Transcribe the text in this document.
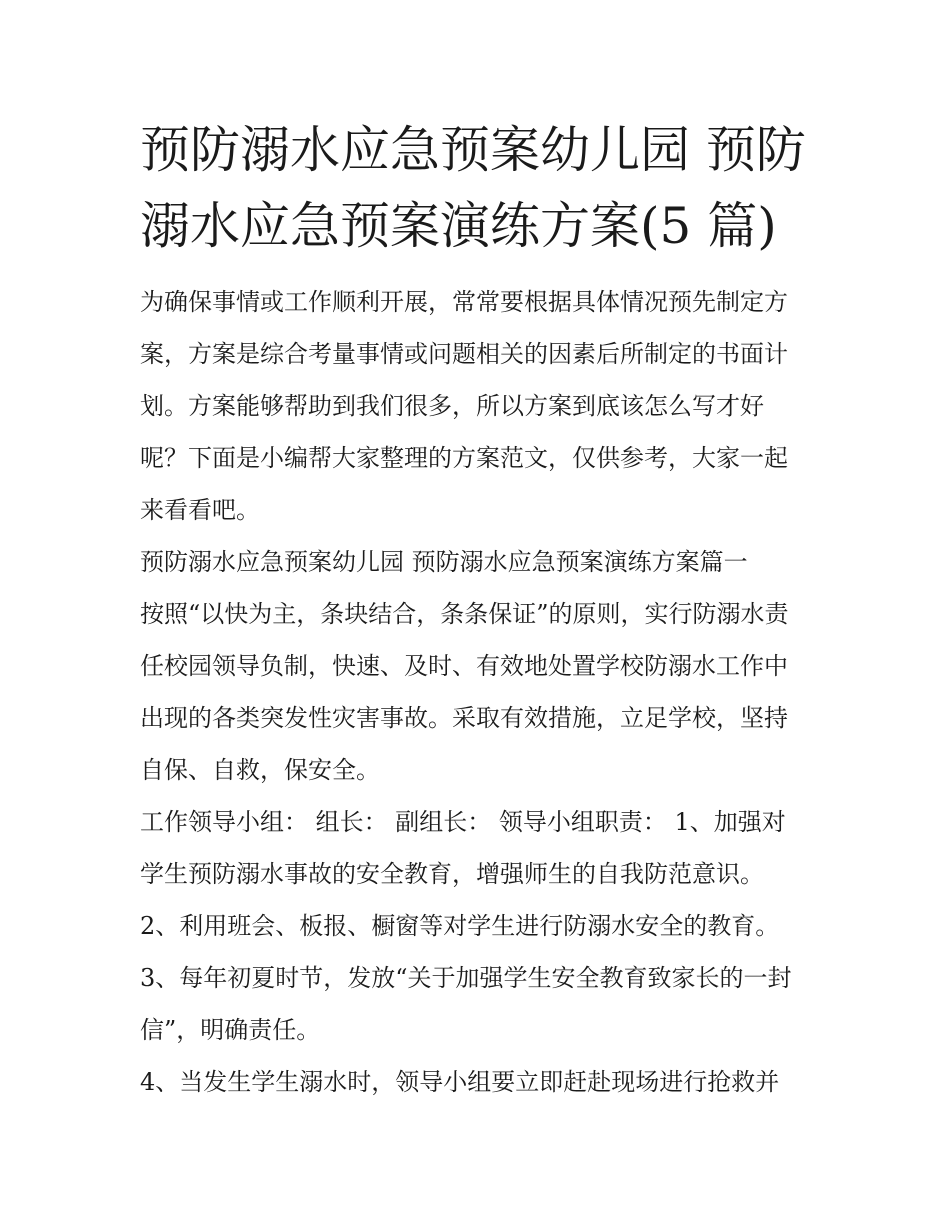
预防溺水应急预案幼儿园 预防
溺水应急预案演练方案(5 篇)

为确保事情或工作顺利开展，常常要根据具体情况预先制定方

案，方案是综合考量事情或问题相关的因素后所制定的书面计

划。方案能够帮助到我们很多，所以方案到底该怎么写才好

呢？下面是小编帮大家整理的方案范文，仅供参考，大家一起

来看看吧。

预防溺水应急预案幼儿园 预防溺水应急预案演练方案篇一

按照“以快为主，条块结合，条条保证”的原则，实行防溺水责

任校园领导负制，快速、及时、有效地处置学校防溺水工作中

出现的各类突发性灾害事故。采取有效措施，立足学校，坚持

自保、自救，保安全。

工作领导小组： 组长： 副组长： 领导小组职责： 1、加强对

学生预防溺水事故的安全教育，增强师生的自我防范意识。

2、利用班会、板报、橱窗等对学生进行防溺水安全的教育。

3、每年初夏时节，发放“关于加强学生安全教育致家长的一封

信”，明确责任。

4、当发生学生溺水时，领导小组要立即赶赴现场进行抢救并
